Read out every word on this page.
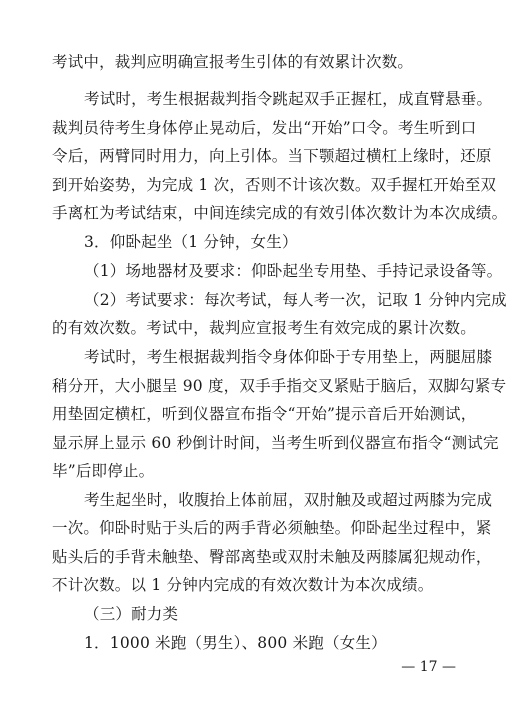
考试中，裁判应明确宣报考生引体的有效累计次数。
考试时，考生根据裁判指令跳起双手正握杠，成直臂悬垂。
裁判员待考生身体停止晃动后，发出“开始”口令。考生听到口
令后，两臂同时用力，向上引体。当下颚超过横杠上缘时，还原
到开始姿势，为完成 1 次，否则不计该次数。双手握杠开始至双
手离杠为考试结束，中间连续完成的有效引体次数计为本次成绩。
3．仰卧起坐（1 分钟，女生）
（1）场地器材及要求：仰卧起坐专用垫、手持记录设备等。
（2）考试要求：每次考试，每人考一次，记取 1 分钟内完成
的有效次数。考试中，裁判应宣报考生有效完成的累计次数。
考试时，考生根据裁判指令身体仰卧于专用垫上，两腿屈膝
稍分开，大小腿呈 90 度，双手手指交叉紧贴于脑后，双脚勾紧专
用垫固定横杠，听到仪器宣布指令“开始”提示音后开始测试，
显示屏上显示 60 秒倒计时间，当考生听到仪器宣布指令“测试完
毕”后即停止。
考生起坐时，收腹抬上体前屈，双肘触及或超过两膝为完成
一次。仰卧时贴于头后的两手背必须触垫。仰卧起坐过程中，紧
贴头后的手背未触垫、臀部离垫或双肘未触及两膝属犯规动作，
不计次数。以 1 分钟内完成的有效次数计为本次成绩。
（三）耐力类
1．1000 米跑（男生）、800 米跑（女生）
— 17 —
